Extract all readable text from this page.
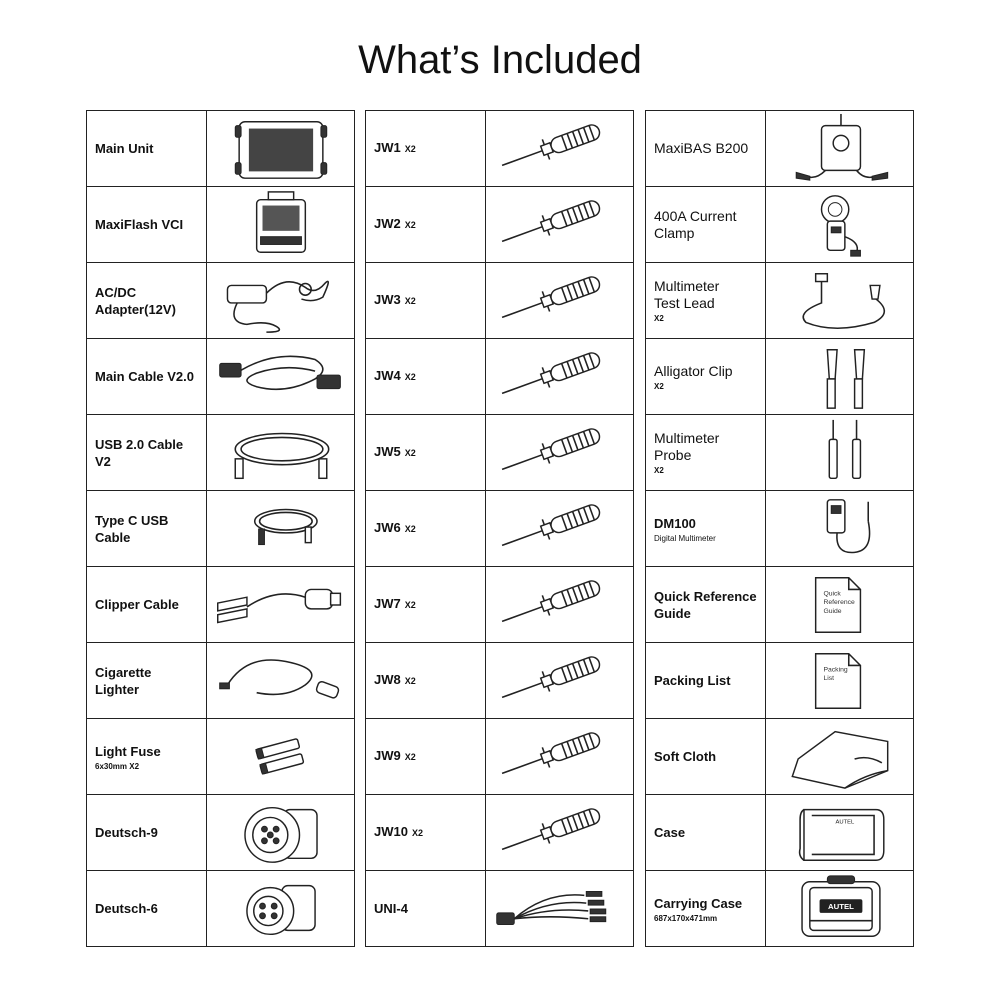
What’s Included
Main Unit
MaxiFlash VCI
AC/DC
Adapter(12V)
Main Cable V2.0
USB 2.0 Cable V2
Type C USB Cable
Clipper Cable
Cigarette Lighter
Light Fuse
6x30mm X2
Deutsch-9
Deutsch-6
JW1 X2
JW2 X2
JW3 X2
JW4 X2
JW5 X2
JW6 X2
JW7 X2
JW8 X2
JW9 X2
JW10 X2
UNI-4
MaxiBAS B200
400A Current
Clamp
Multimeter
Test Lead
X2
Alligator Clip
X2
Multimeter Probe
X2
DM100
Digital Multimeter
Quick Reference
Guide
Quick
Reference
Guide
Packing List
Packing
List
Soft Cloth
Case
AUTEL
Carrying Case
687x170x471mm
AUTEL
